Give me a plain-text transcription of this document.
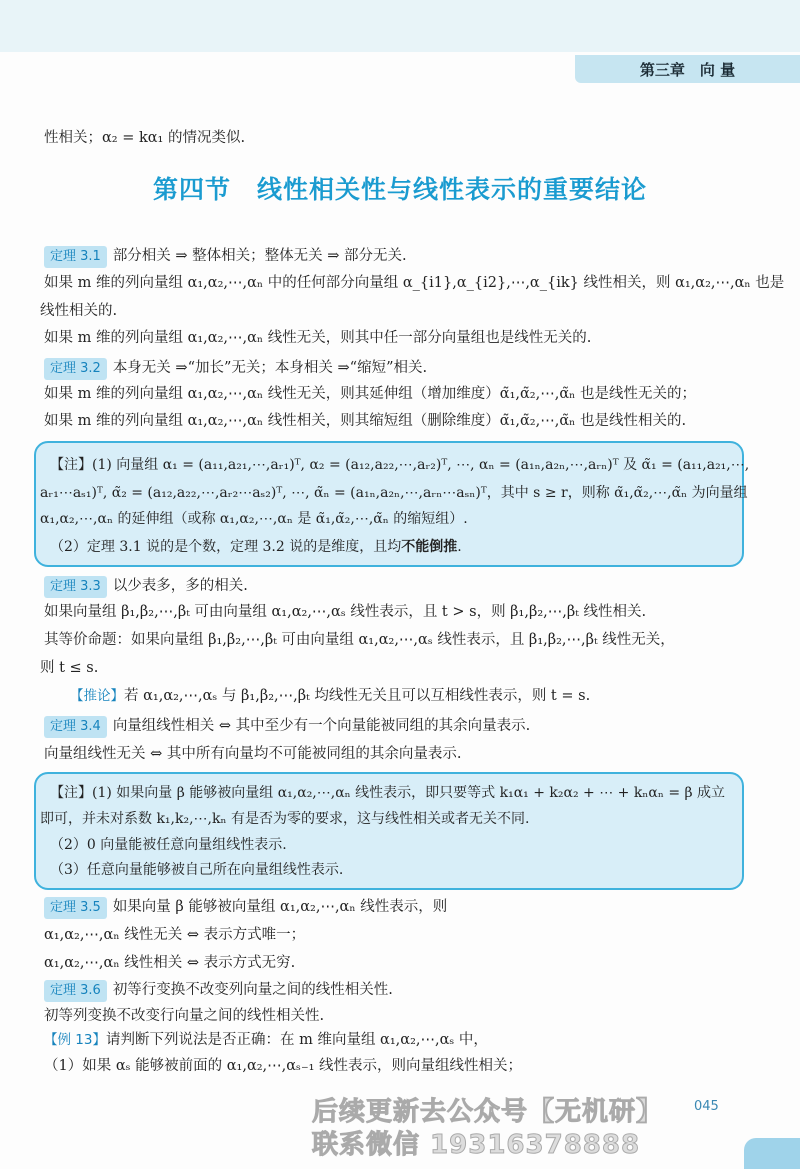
第三章　向 量
性相关；α₂ = kα₁ 的情况类似.
第四节　线性相关性与线性表示的重要结论
定理 3.1 部分相关 ⇒ 整体相关；整体无关 ⇒ 部分无关.
如果 m 维的列向量组 α₁,α₂,⋯,αₙ 中的任何部分向量组 α_{i1},α_{i2},⋯,α_{ik} 线性相关，则 α₁,α₂,⋯,αₙ 也是
线性相关的.
如果 m 维的列向量组 α₁,α₂,⋯,αₙ 线性无关，则其中任一部分向量组也是线性无关的.
定理 3.2 本身无关 ⇒“加长”无关；本身相关 ⇒“缩短”相关.
如果 m 维的列向量组 α₁,α₂,⋯,αₙ 线性无关，则其延伸组（增加维度）α̃₁,α̃₂,⋯,α̃ₙ 也是线性无关的；
如果 m 维的列向量组 α₁,α₂,⋯,αₙ 线性相关，则其缩短组（删除维度）α̃₁,α̃₂,⋯,α̃ₙ 也是线性相关的.
【注】(1) 向量组 α₁ = (a₁₁,a₂₁,⋯,aᵣ₁)ᵀ, α₂ = (a₁₂,a₂₂,⋯,aᵣ₂)ᵀ, ⋯, αₙ = (a₁ₙ,a₂ₙ,⋯,aᵣₙ)ᵀ 及 α̃₁ = (a₁₁,a₂₁,⋯,
aᵣ₁⋯aₛ₁)ᵀ, α̃₂ = (a₁₂,a₂₂,⋯,aᵣ₂⋯aₛ₂)ᵀ, ⋯, α̃ₙ = (a₁ₙ,a₂ₙ,⋯,aᵣₙ⋯aₛₙ)ᵀ，其中 s ≥ r，则称 α̃₁,α̃₂,⋯,α̃ₙ 为向量组
α₁,α₂,⋯,αₙ 的延伸组（或称 α₁,α₂,⋯,αₙ 是 α̃₁,α̃₂,⋯,α̃ₙ 的缩短组）.
（2）定理 3.1 说的是个数，定理 3.2 说的是维度，且均不能倒推.
定理 3.3 以少表多，多的相关.
如果向量组 β₁,β₂,⋯,βₜ 可由向量组 α₁,α₂,⋯,αₛ 线性表示，且 t > s，则 β₁,β₂,⋯,βₜ 线性相关.
其等价命题：如果向量组 β₁,β₂,⋯,βₜ 可由向量组 α₁,α₂,⋯,αₛ 线性表示，且 β₁,β₂,⋯,βₜ 线性无关，
则 t ≤ s.
【推论】若 α₁,α₂,⋯,αₛ 与 β₁,β₂,⋯,βₜ 均线性无关且可以互相线性表示，则 t = s.
定理 3.4 向量组线性相关 ⇔ 其中至少有一个向量能被同组的其余向量表示.
向量组线性无关 ⇔ 其中所有向量均不可能被同组的其余向量表示.
【注】(1) 如果向量 β 能够被向量组 α₁,α₂,⋯,αₙ 线性表示，即只要等式 k₁α₁ + k₂α₂ + ⋯ + kₙαₙ = β 成立
即可，并未对系数 k₁,k₂,⋯,kₙ 有是否为零的要求，这与线性相关或者无关不同.
（2）0 向量能被任意向量组线性表示.
（3）任意向量能够被自己所在向量组线性表示.
定理 3.5 如果向量 β 能够被向量组 α₁,α₂,⋯,αₙ 线性表示，则
α₁,α₂,⋯,αₙ 线性无关 ⇔ 表示方式唯一；
α₁,α₂,⋯,αₙ 线性相关 ⇔ 表示方式无穷.
定理 3.6 初等行变换不改变列向量之间的线性相关性.
初等列变换不改变行向量之间的线性相关性.
【例 13】请判断下列说法是否正确：在 m 维向量组 α₁,α₂,⋯,αₛ 中，
（1）如果 αₛ 能够被前面的 α₁,α₂,⋯,αₛ₋₁ 线性表示，则向量组线性相关；
后续更新去公众号【无机研】 045
联系微信 19316378888
